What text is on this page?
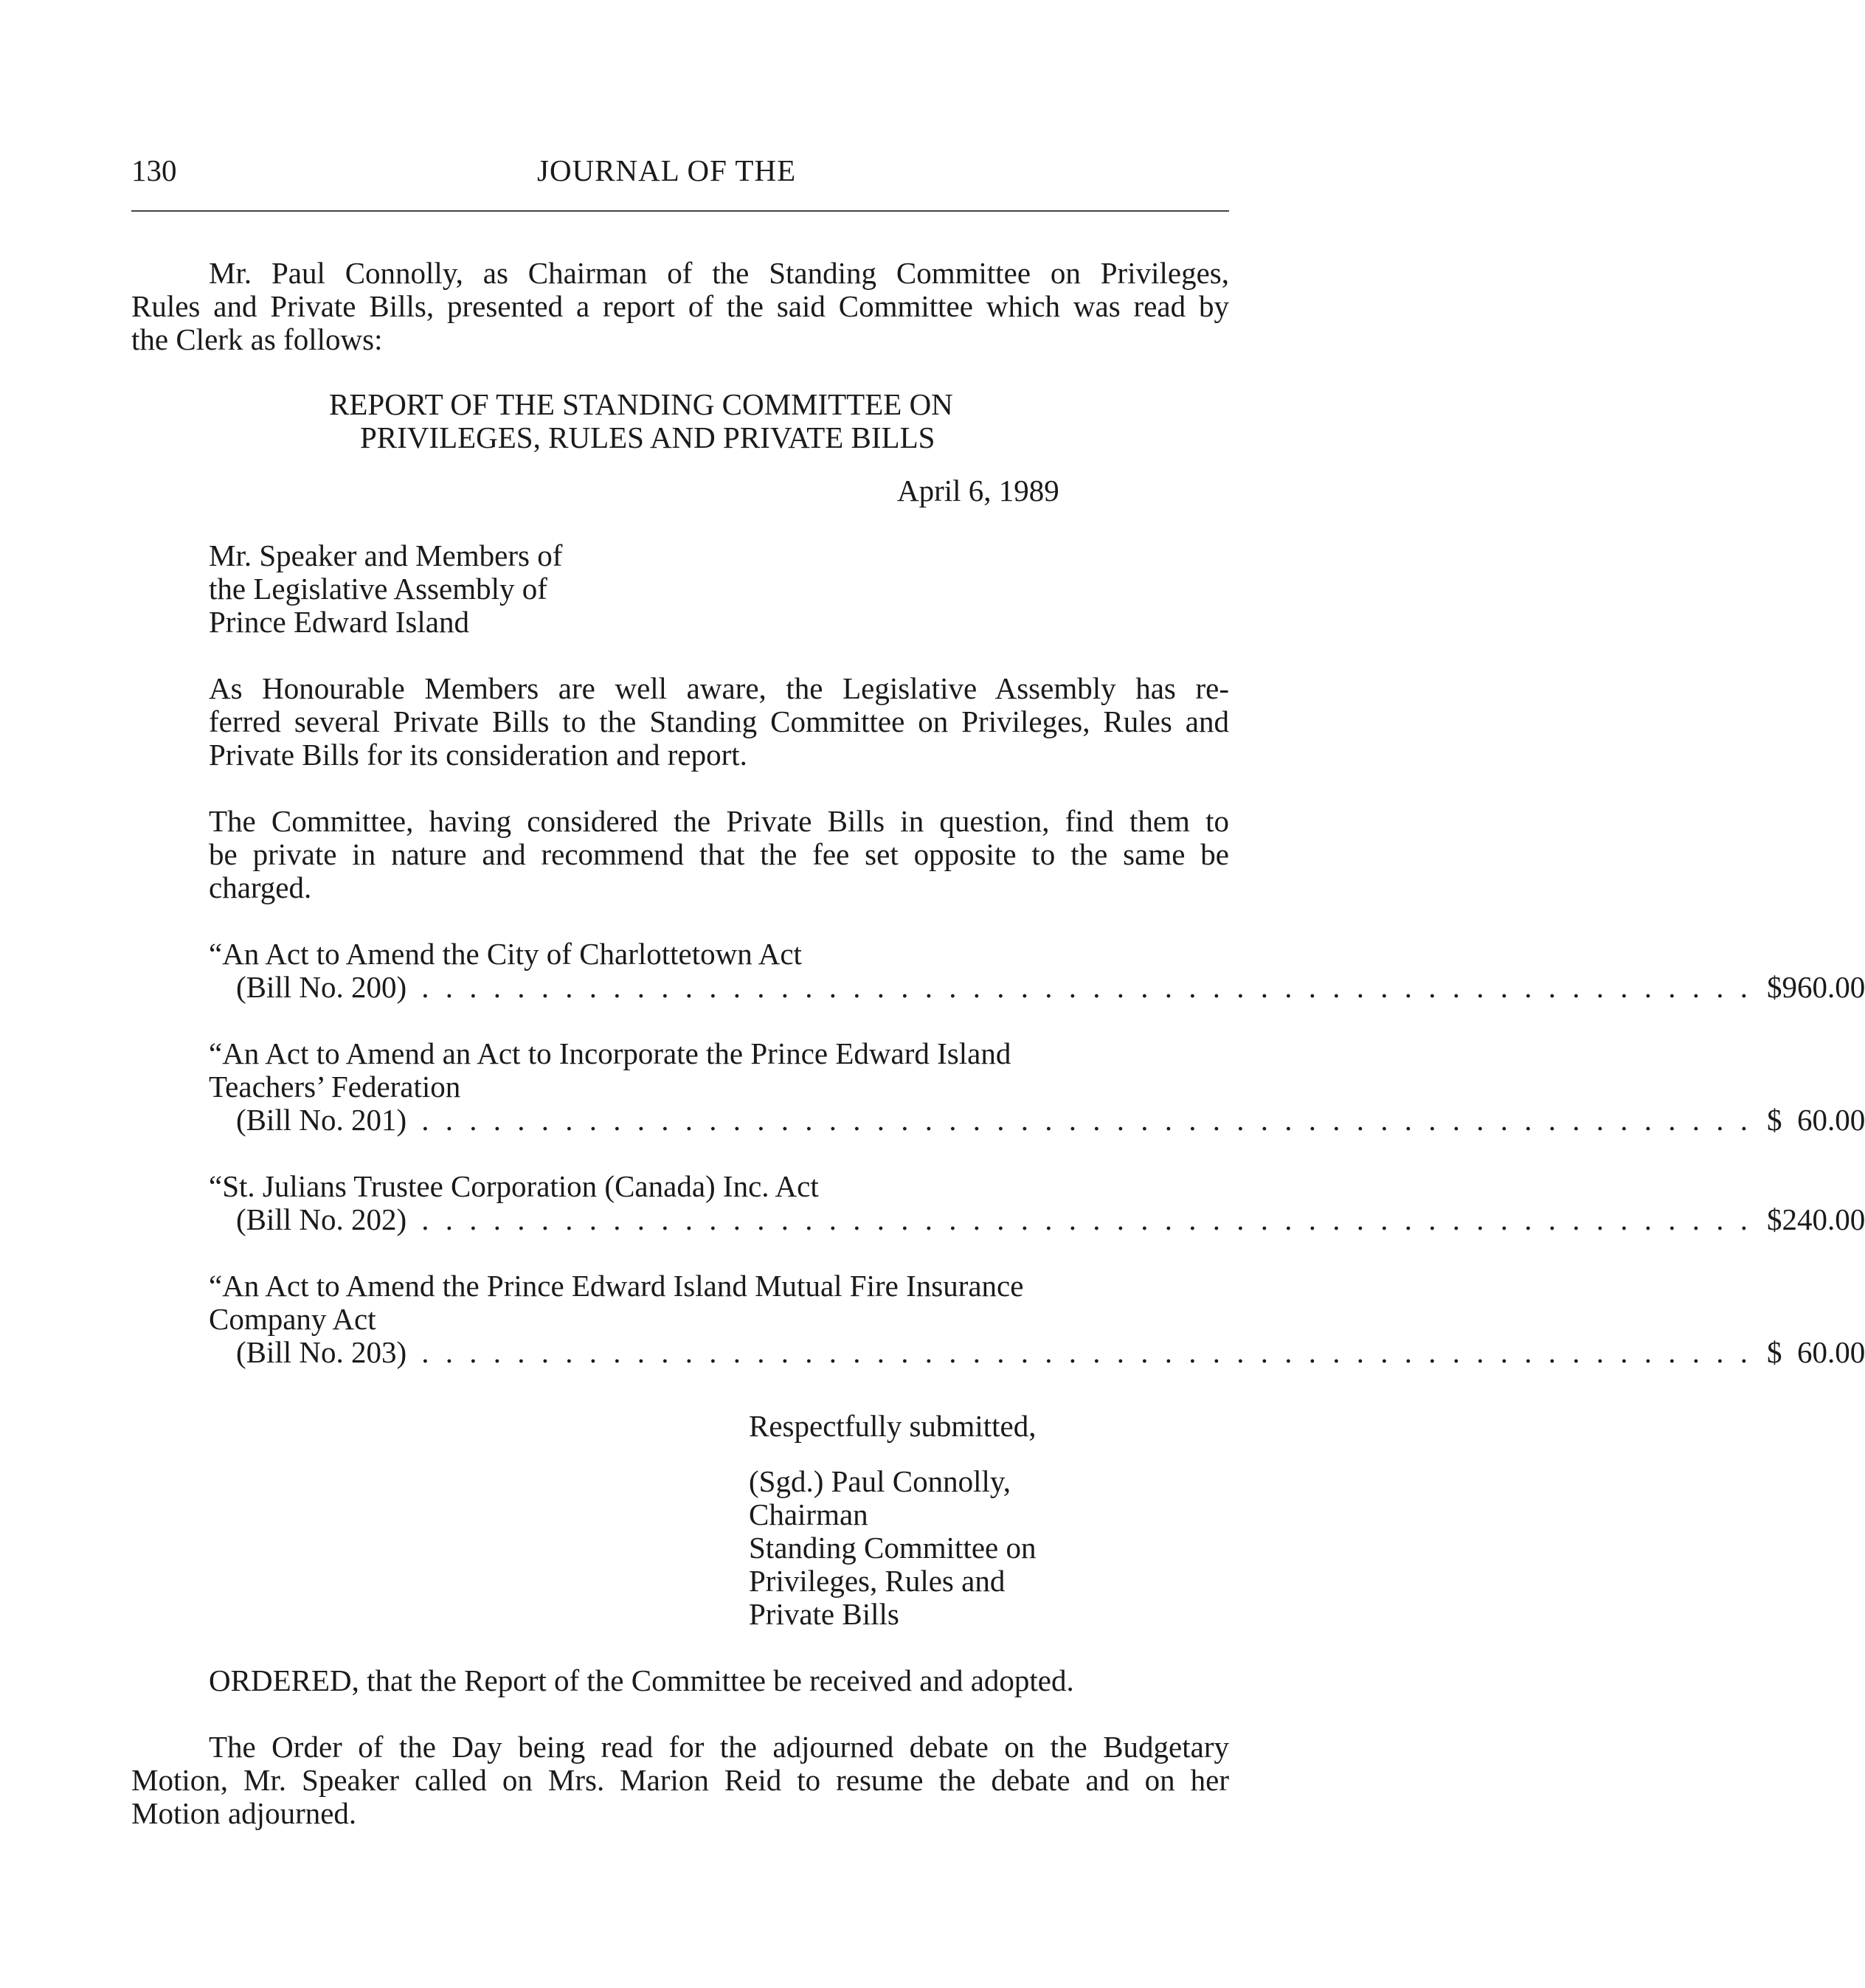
130	JOURNAL OF THE
Mr. Paul Connolly, as Chairman of the Standing Committee on Privileges,
Rules and Private Bills, presented a report of the said Committee which was read by
the Clerk as follows:
REPORT OF THE STANDING COMMITTEE ON
PRIVILEGES, RULES AND PRIVATE BILLS
April 6, 1989
Mr. Speaker and Members of
the Legislative Assembly of
Prince Edward Island
As Honourable Members are well aware, the Legislative Assembly has re-
ferred several Private Bills to the Standing Committee on Privileges, Rules and
Private Bills for its consideration and report.
The Committee, having considered the Private Bills in question, find them to
be private in nature and recommend that the fee set opposite to the same be
charged.
“An Act to Amend the City of Charlottetown Act
(Bill No. 200) . . . . . . . . . . . . . . . . . . . . . . . . . . . . . . . . . . . . . . . . . . . . . . . . . . . . . . . . $960.00
“An Act to Amend an Act to Incorporate the Prince Edward Island
Teachers’ Federation
(Bill No. 201) . . . . . . . . . . . . . . . . . . . . . . . . . . . . . . . . . . . . . . . . . . . . . . . . . . . . . . . . $  60.00
“St. Julians Trustee Corporation (Canada) Inc. Act
(Bill No. 202) . . . . . . . . . . . . . . . . . . . . . . . . . . . . . . . . . . . . . . . . . . . . . . . . . . . . . . . . $240.00
“An Act to Amend the Prince Edward Island Mutual Fire Insurance
Company Act
(Bill No. 203) . . . . . . . . . . . . . . . . . . . . . . . . . . . . . . . . . . . . . . . . . . . . . . . . . . . . . . . . $  60.00
Respectfully submitted,
(Sgd.) Paul Connolly,
Chairman
Standing Committee on
Privileges, Rules and
Private Bills
ORDERED, that the Report of the Committee be received and adopted.
The Order of the Day being read for the adjourned debate on the Budgetary
Motion, Mr. Speaker called on Mrs. Marion Reid to resume the debate and on her
Motion adjourned.
